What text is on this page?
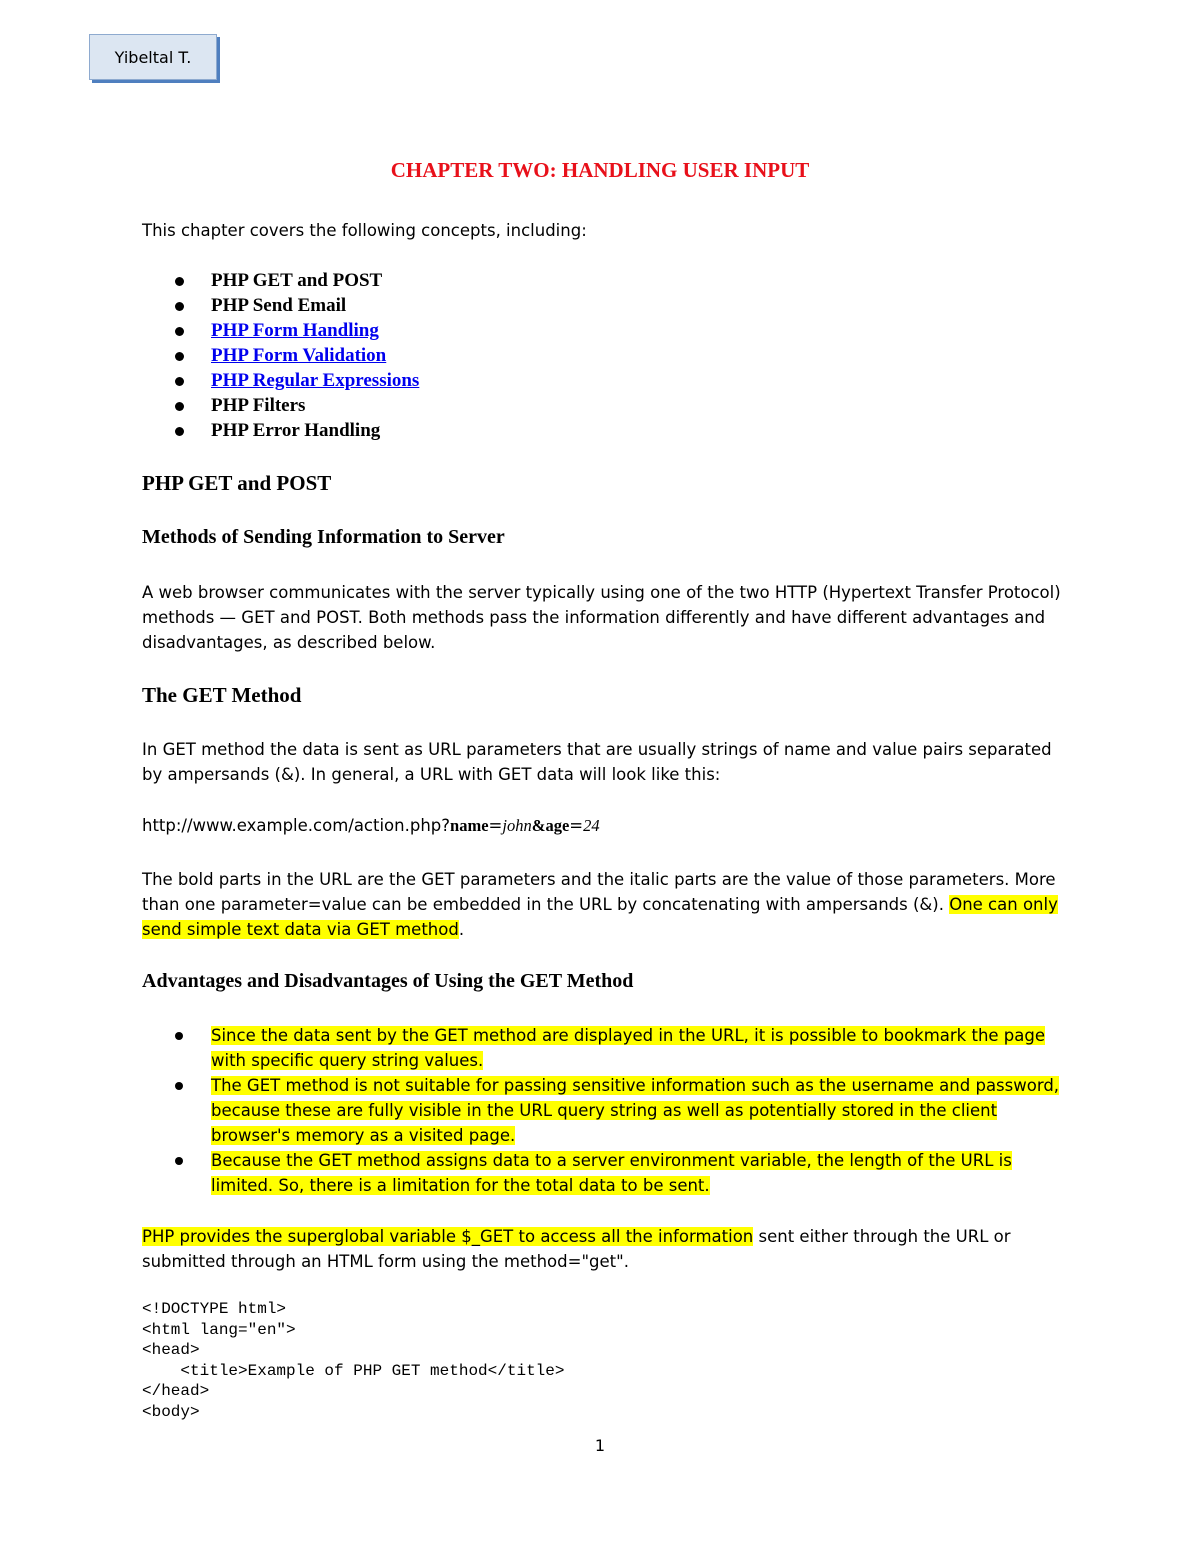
Yibeltal T.
CHAPTER TWO: HANDLING USER INPUT
This chapter covers the following concepts, including:
PHP GET and POST
PHP Send Email
PHP Form Handling
PHP Form Validation
PHP Regular Expressions
PHP Filters
PHP Error Handling
PHP GET and POST
Methods of Sending Information to Server
A web browser communicates with the server typically using one of the two HTTP (Hypertext Transfer Protocol) methods — GET and POST. Both methods pass the information differently and have different advantages and disadvantages, as described below.
The GET Method
In GET method the data is sent as URL parameters that are usually strings of name and value pairs separated by ampersands (&). In general, a URL with GET data will look like this:
http://www.example.com/action.php?name=john&age=24
The bold parts in the URL are the GET parameters and the italic parts are the value of those parameters. More than one parameter=value can be embedded in the URL by concatenating with ampersands (&). One can only send simple text data via GET method.
Advantages and Disadvantages of Using the GET Method
Since the data sent by the GET method are displayed in the URL, it is possible to bookmark the page with specific query string values.
The GET method is not suitable for passing sensitive information such as the username and password, because these are fully visible in the URL query string as well as potentially stored in the client browser's memory as a visited page.
Because the GET method assigns data to a server environment variable, the length of the URL is limited. So, there is a limitation for the total data to be sent.
PHP provides the superglobal variable $_GET to access all the information sent either through the URL or submitted through an HTML form using the method="get".
<!DOCTYPE html>
<html lang="en">
<head>
<title>Example of PHP GET method</title>
</head>
<body>
1
